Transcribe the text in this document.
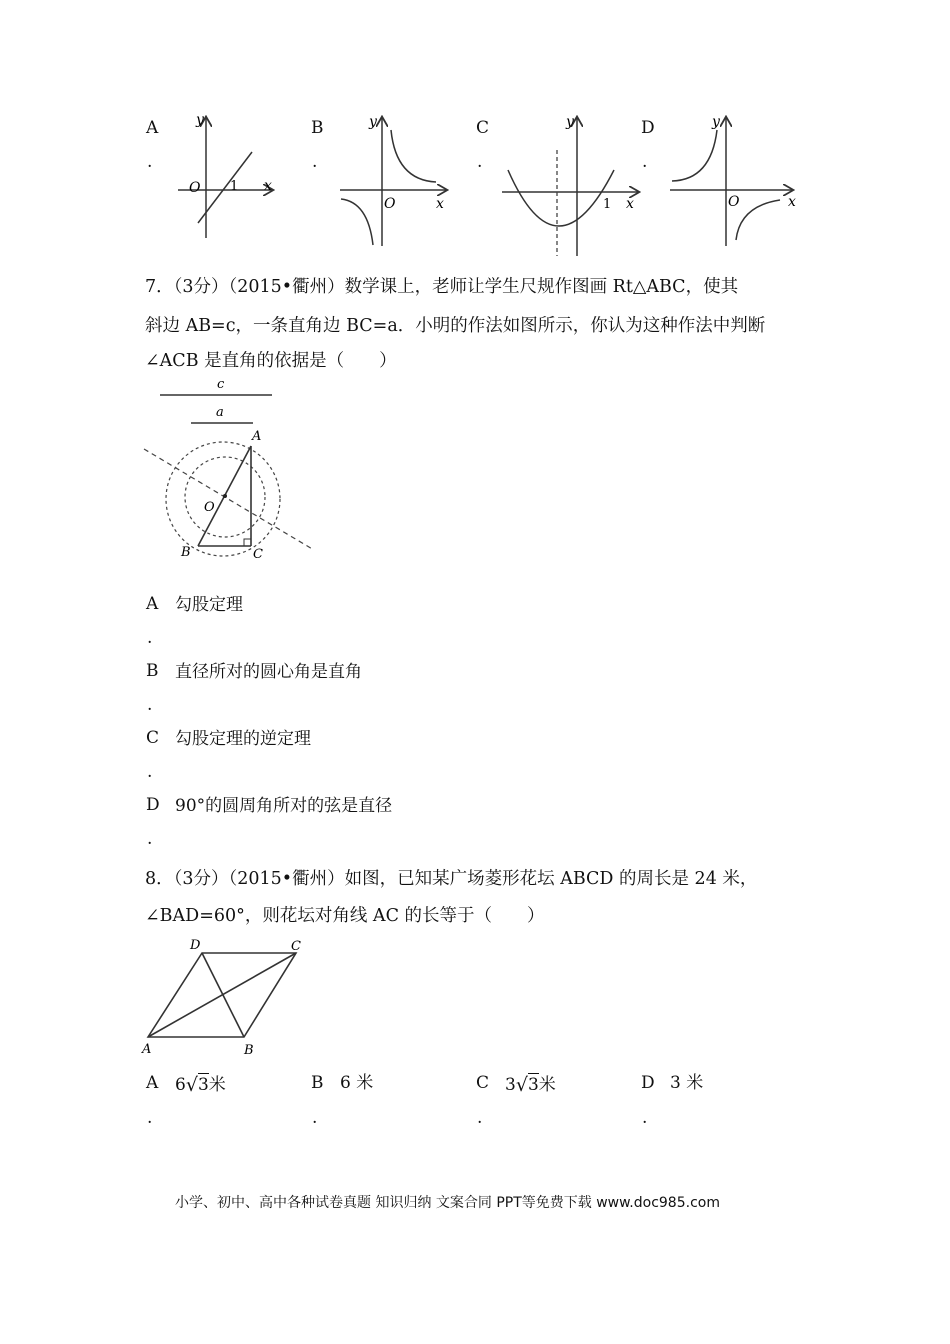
A
.
O 1 x
y	B
.
O	x
y	C
.
1 x
y	D
.
O	x
y
7．（3分）（2015•衢州）数学课上，老师让学生尺规作图画 Rt△ABC，使其
斜边 AB=c，一条直角边 BC=a．小明的作法如图所示，你认为这种作法中判断
∠ACB 是直角的依据是（　　）
c
a
A
B	C
O
A 勾股定理
.
B 直径所对的圆心角是直角
.
C 勾股定理的逆定理
.
D 90°的圆周角所对的弦是直径
.
8．（3分）（2015•衢州）如图，已知某广场菱形花坛 ABCD 的周长是 24 米，
∠BAD=60°，则花坛对角线 AC 的长等于（　　）
A	B
C
D
A 6√3米
.
B 6 米
.
C 3√3米
.
D 3 米
.
小学、初中、高中各种试卷真题 知识归纳 文案合同 PPT等免费下载 www.doc985.com
